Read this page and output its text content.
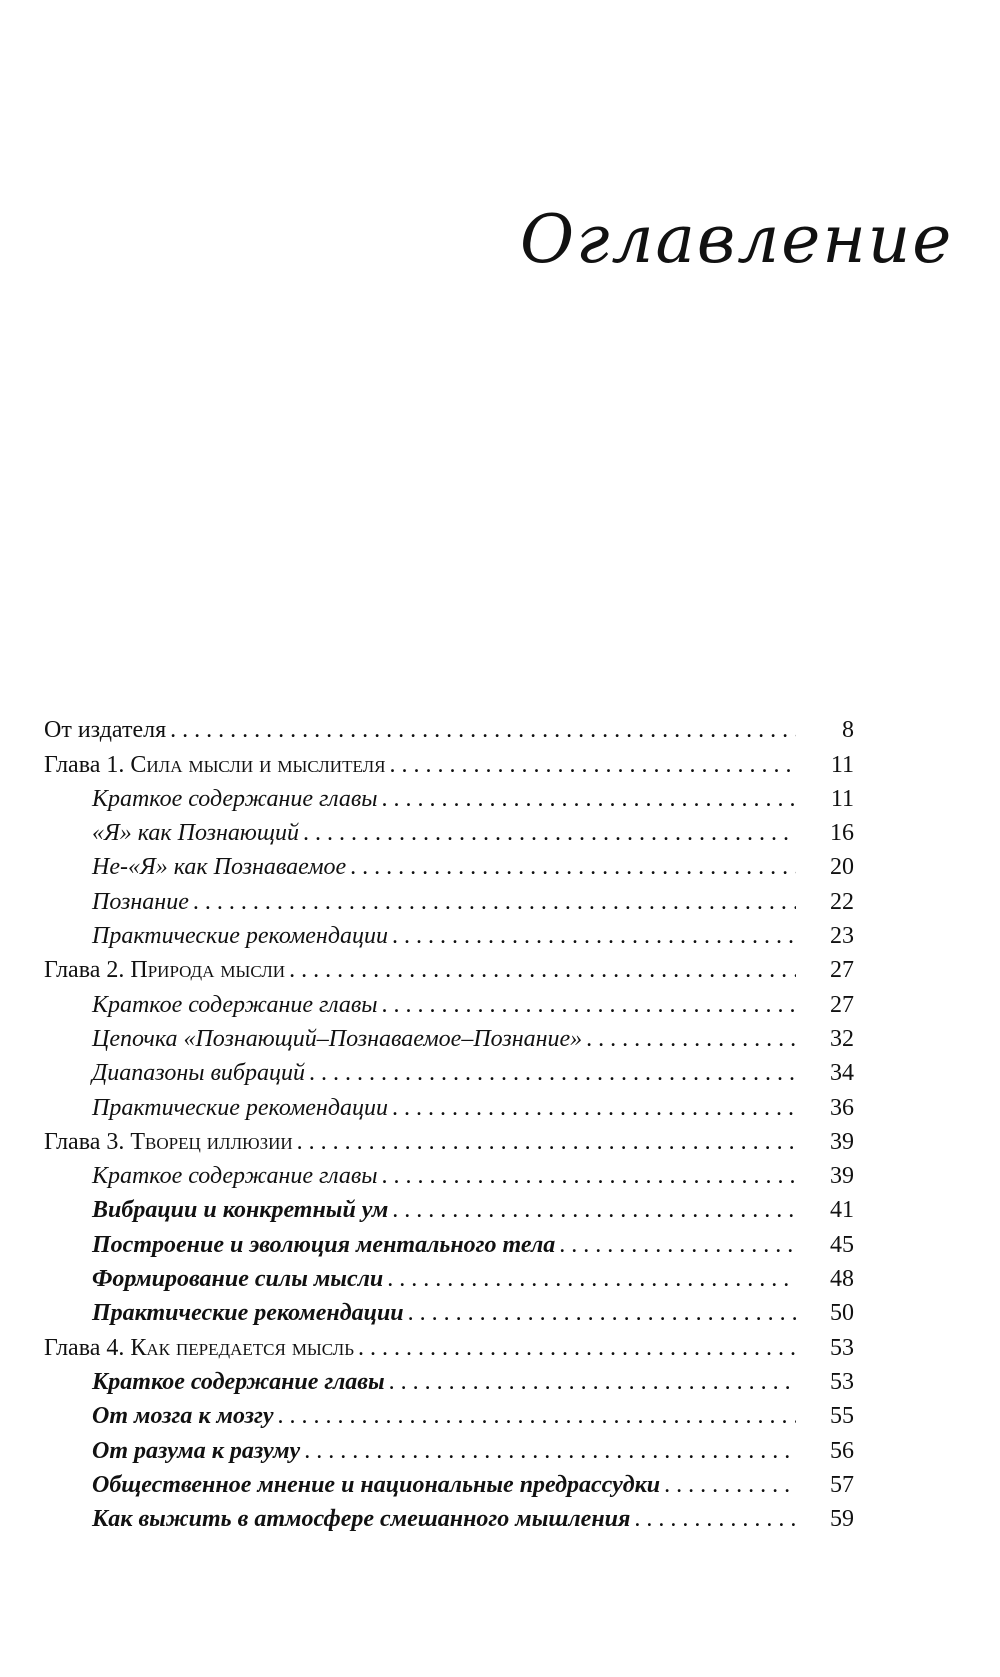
Оглавление
От издателя . . .	8
Глава 1. Сила мысли и мыслителя . . .	11
Краткое содержание главы . . .	11
«Я» как Познающий . . .	16
Не-«Я» как Познаваемое . . .	20
Познание . . .	22
Практические рекомендации . . .	23
Глава 2. Природа мысли . . .	27
Краткое содержание главы . . .	27
Цепочка «Познающий–Познаваемое–Познание» . . .	32
Диапазоны вибраций . . .	34
Практические рекомендации . . .	36
Глава 3. Творец иллюзии . . .	39
Краткое содержание главы . . .	39
Вибрации и конкретный ум . . .	41
Построение и эволюция ментального тела . . .	45
Формирование силы мысли . . .	48
Практические рекомендации . . .	50
Глава 4. Как передается мысль . . .	53
Краткое содержание главы . . .	53
От мозга к мозгу . . .	55
От разума к разуму . . .	56
Общественное мнение и национальные предрассудки . . .	57
Как выжить в атмосфере смешанного мышления . . .	59
